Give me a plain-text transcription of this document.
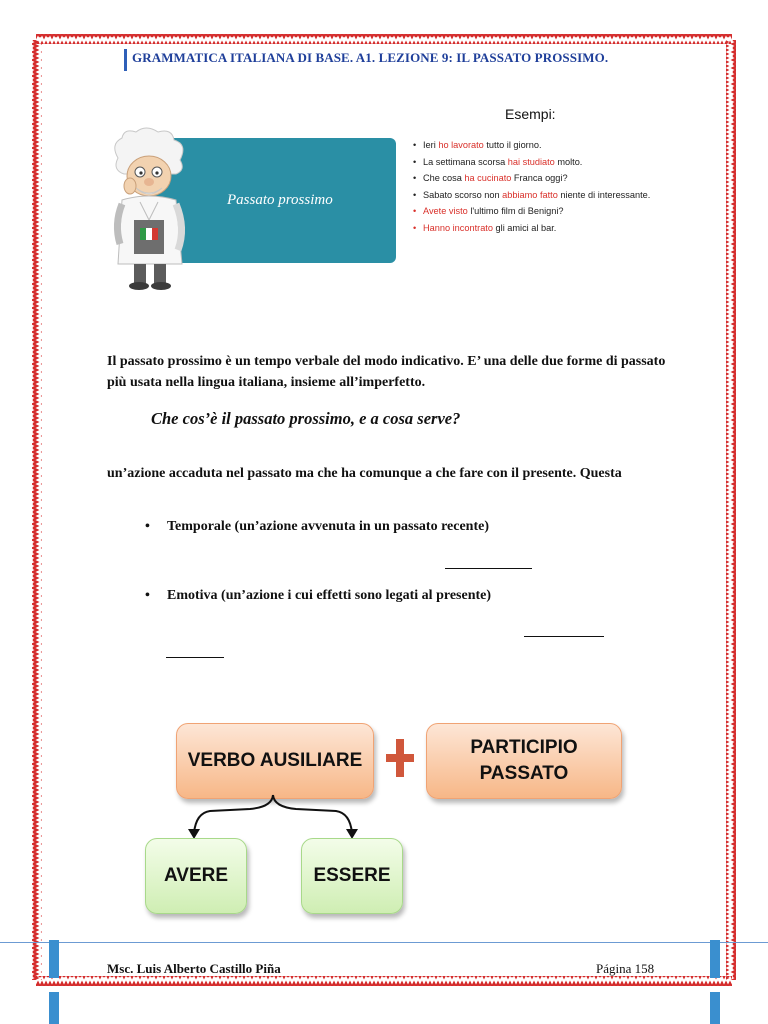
GRAMMATICA ITALIANA DI BASE. A1. LEZIONE 9: IL PASSATO PROSSIMO.
Passato prossimo
Esempi:
• Ieri ho lavorato tutto il giorno.
• La settimana scorsa hai studiato molto.
• Che cosa ha cucinato Franca oggi?
• Sabato scorso non abbiamo fatto niente di interessante.
• Avete visto l'ultimo film di Benigni?
• Hanno incontrato gli amici al bar.
Il passato prossimo è un tempo verbale del modo indicativo. E’ una delle due forme di passato più usata nella lingua italiana, insieme all’imperfetto.
Che cos’è il passato prossimo, e a cosa serve?
un’azione accaduta nel passato ma che ha comunque a che fare con il presente. Questa
• Temporale (un’azione avvenuta in un passato recente)
• Emotiva (un’azione i cui effetti sono legati al presente)
VERBO AUSILIARE
PARTICIPIO
PASSATO
AVERE	ESSERE
Msc. Luis Alberto Castillo Piña	Página 158
